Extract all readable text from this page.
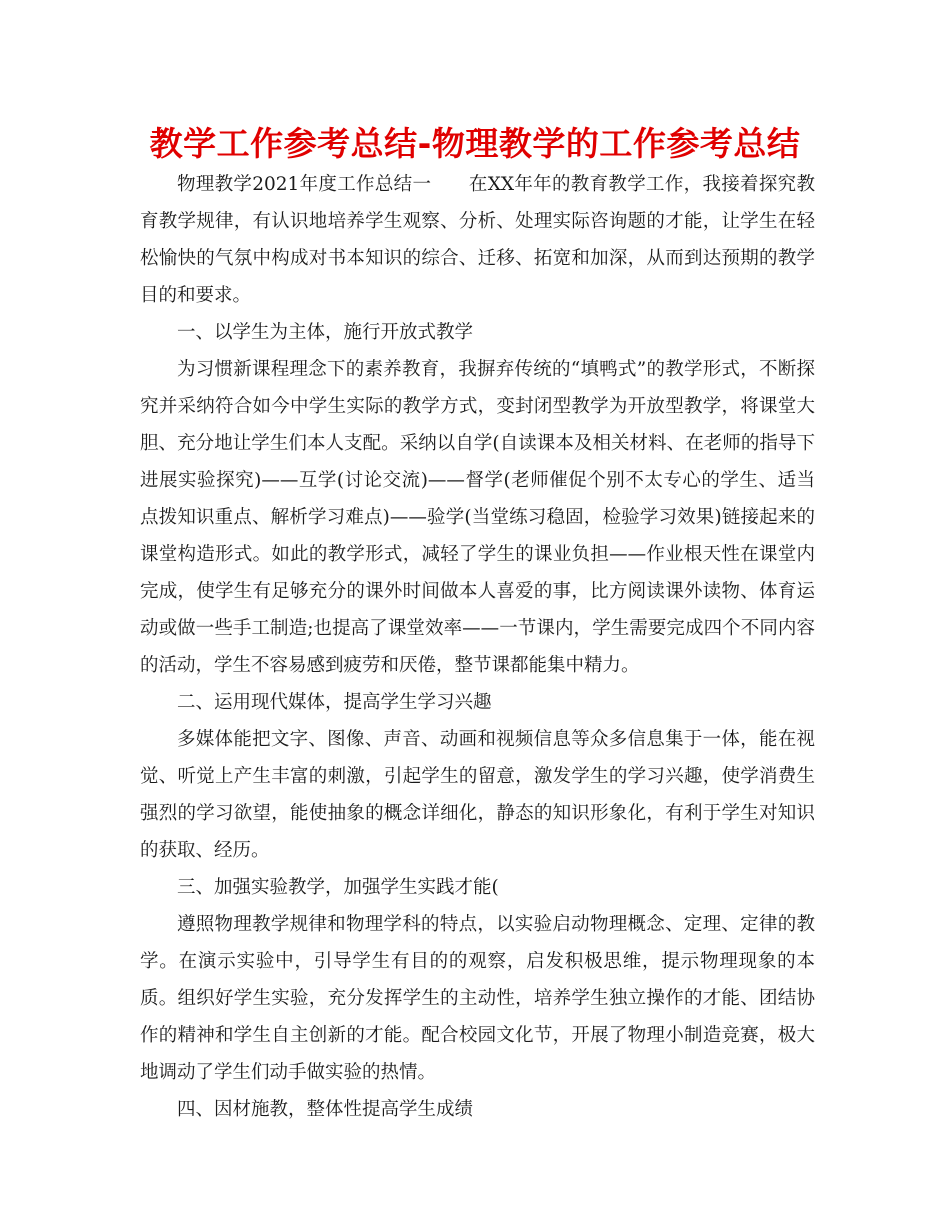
教学工作参考总结-物理教学的工作参考总结

物理教学2021年度工作总结一　　在XX年年的教育教学工作，我接着探究教育教学规律，有认识地培养学生观察、分析、处理实际咨询题的才能，让学生在轻松愉快的气氛中构成对书本知识的综合、迁移、拓宽和加深，从而到达预期的教学目的和要求。

一、以学生为主体，施行开放式教学

为习惯新课程理念下的素养教育，我摒弃传统的“填鸭式”的教学形式，不断探究并采纳符合如今中学生实际的教学方式，变封闭型教学为开放型教学，将课堂大胆、充分地让学生们本人支配。采纳以自学(自读课本及相关材料、在老师的指导下进展实验探究)——互学(讨论交流)——督学(老师催促个别不太专心的学生、适当点拨知识重点、解析学习难点)——验学(当堂练习稳固，检验学习效果)链接起来的课堂构造形式。如此的教学形式，减轻了学生的课业负担——作业根天性在课堂内完成，使学生有足够充分的课外时间做本人喜爱的事，比方阅读课外读物、体育运动或做一些手工制造;也提高了课堂效率——一节课内，学生需要完成四个不同内容的活动，学生不容易感到疲劳和厌倦，整节课都能集中精力。

二、运用现代媒体，提高学生学习兴趣

多媒体能把文字、图像、声音、动画和视频信息等众多信息集于一体，能在视觉、听觉上产生丰富的刺激，引起学生的留意，激发学生的学习兴趣，使学消费生强烈的学习欲望，能使抽象的概念详细化，静态的知识形象化，有利于学生对知识的获取、经历。

三、加强实验教学，加强学生实践才能(

遵照物理教学规律和物理学科的特点，以实验启动物理概念、定理、定律的教学。在演示实验中，引导学生有目的的观察，启发积极思维，提示物理现象的本质。组织好学生实验，充分发挥学生的主动性，培养学生独立操作的才能、团结协作的精神和学生自主创新的才能。配合校园文化节，开展了物理小制造竞赛，极大地调动了学生们动手做实验的热情。

四、因材施教，整体性提高学生成绩
